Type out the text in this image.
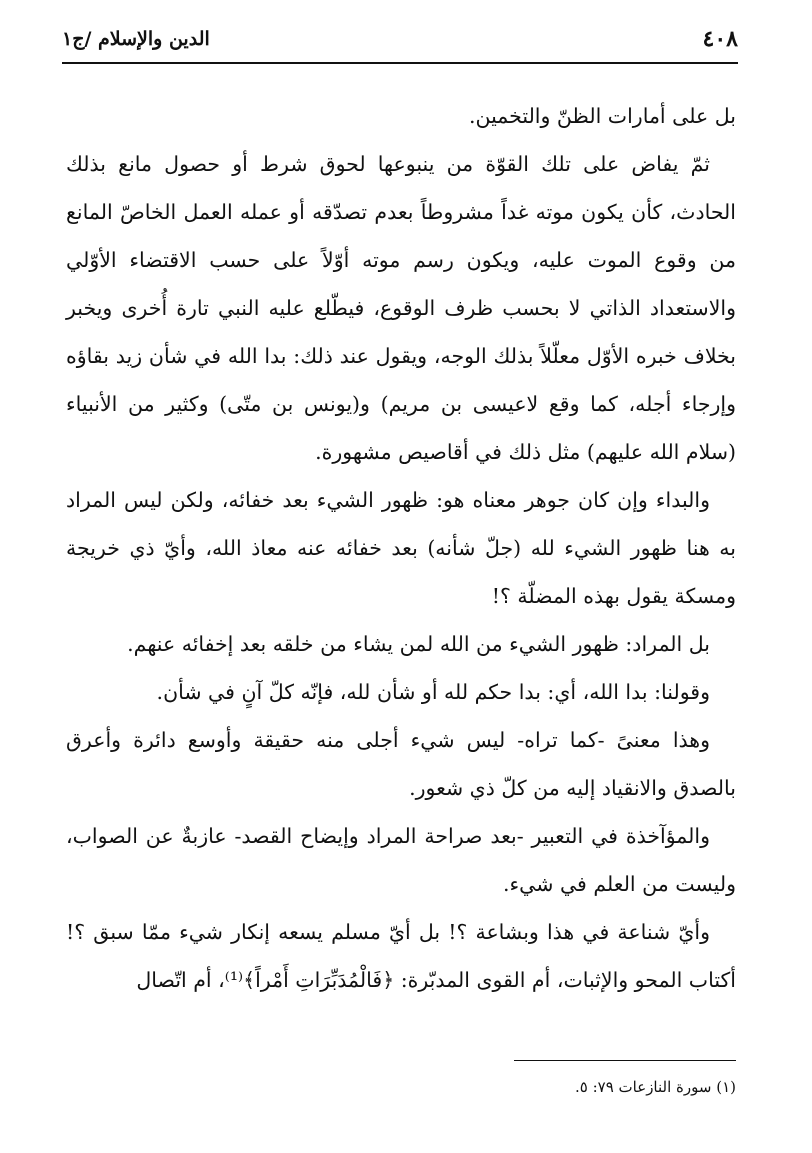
٤٠٨
الدين والإسلام /ج١

بل على أمارات الظنّ والتخمين.

ثمّ يفاض على تلك القوّة من ينبوعها لحوق شرط أو حصول مانع بذلك الحادث، كأن يكون موته غداً مشروطاً بعدم تصدّقه أو عمله العمل الخاصّ المانع من وقوع الموت عليه، ويكون رسم موته أوّلاً على حسب الاقتضاء الأوّلي والاستعداد الذاتي لا بحسب ظرف الوقوع، فيطّلع عليه النبي تارة أُخرى ويخبر بخلاف خبره الأوّل معلّلاً بذلك الوجه، ويقول عند ذلك: بدا الله في شأن زيد بقاؤه وإرجاء أجله، كما وقع لاعيسى بن مريم) و(يونس بن متّى) وكثير من الأنبياء (سلام الله عليهم) مثل ذلك في أقاصيص مشهورة.

والبداء وإن كان جوهر معناه هو: ظهور الشيء بعد خفائه، ولكن ليس المراد به هنا ظهور الشيء لله (جلّ شأنه) بعد خفائه عنه معاذ الله، وأيّ ذي خريجة ومسكة يقول بهذه المضلّة ؟!

بل المراد: ظهور الشيء من الله لمن يشاء من خلقه بعد إخفائه عنهم.

وقولنا: بدا الله، أي: بدا حكم لله أو شأن لله، فإنّه كلّ آنٍ في شأن.

وهذا معنىً -كما تراه- ليس شيء أجلى منه حقيقة وأوسع دائرة وأعرق بالصدق والانقياد إليه من كلّ ذي شعور.

والمؤآخذة في التعبير -بعد صراحة المراد وإيضاح القصد- عازبةٌ عن الصواب، وليست من العلم في شيء.

وأيّ شناعة في هذا وبشاعة ؟! بل أيّ مسلم يسعه إنكار شيء ممّا سبق ؟! أكتاب المحو والإثبات، أم القوى المدبّرة: ﴿فَالْمُدَبِّرَاتِ أَمْراً﴾⁽¹⁾، أم اتّصال

(١) سورة النازعات ٧٩: ٥.
